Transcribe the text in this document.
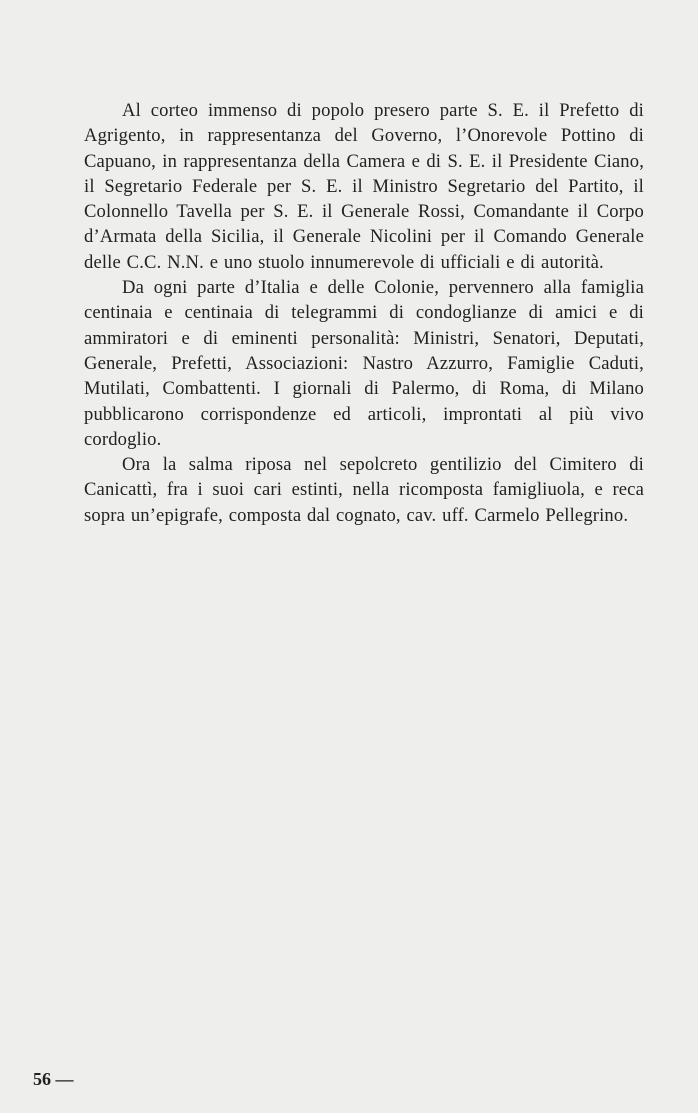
Al corteo immenso di popolo presero parte S. E. il Prefetto di Agrigento, in rappresentanza del Governo, l’Onorevole Pottino di Capuano, in rappresentanza della Camera e di S. E. il Presidente Ciano, il Segretario Federale per S. E. il Ministro Segretario del Partito, il Colonnello Tavella per S. E. il Generale Rossi, Comandante il Corpo d’Armata della Sicilia, il Generale Nicolini per il Comando Generale delle C.C. N.N. e uno stuolo innumerevole di ufficiali e di autorità.

Da ogni parte d’Italia e delle Colonie, pervennero alla famiglia centinaia e centinaia di telegrammi di condoglianze di amici e di ammiratori e di eminenti personalità: Ministri, Senatori, Deputati, Generale, Prefetti, Associazioni: Nastro Azzurro, Famiglie Caduti, Mutilati, Combattenti. I giornali di Palermo, di Roma, di Milano pubblicarono corrispondenze ed articoli, improntati al più vivo cordoglio.

Ora la salma riposa nel sepolcreto gentilizio del Cimitero di Canicattì, fra i suoi cari estinti, nella ricomposta famigliuola, e reca sopra un’epigrafe, composta dal cognato, cav. uff. Carmelo Pellegrino.

56 —
